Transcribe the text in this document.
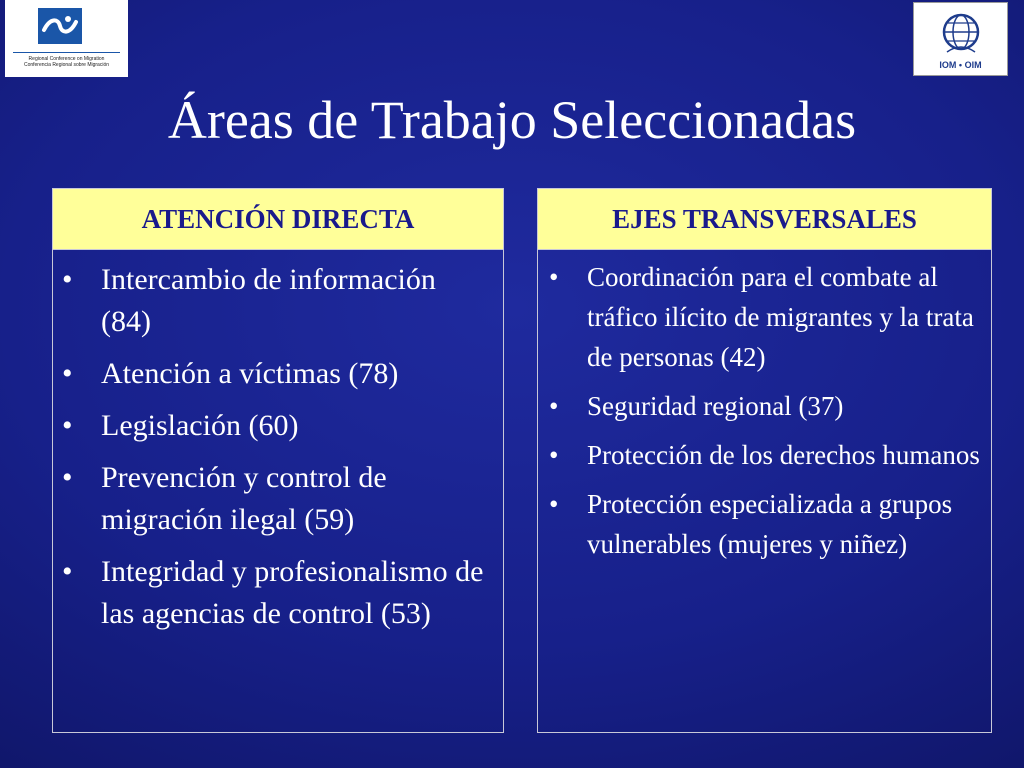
Regional Conference on Migration
Conferencia Regional sobre Migración	IOM • OIM
Áreas de Trabajo Seleccionadas
ATENCIÓN DIRECTA
• Intercambio de información (84)
• Atención a víctimas (78)
• Legislación (60)
• Prevención y control de migración ilegal (59)
• Integridad y profesionalismo de las agencias de control (53)
EJES TRANSVERSALES
• Coordinación para el combate al tráfico ilícito de migrantes y la trata de personas (42)
• Seguridad regional (37)
• Protección de los derechos humanos
• Protección especializada a grupos vulnerables (mujeres y niñez)
